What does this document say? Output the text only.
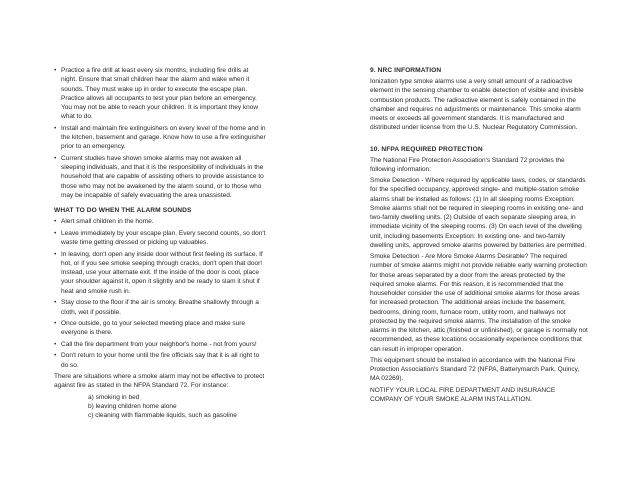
• Practice a fire drill at least every six months, including fire drills at night. Ensure that small children hear the alarm and wake when it sounds. They must wake up in order to execute the escape plan. Practice allows all occupants to test your plan before an emergency. You may not be able to reach your children. It is important they know what to do.
• Install and maintain fire extinguishers on every level of the home and in the kitchen, basement and garage. Know how to use a fire extinguisher prior to an emergency.
• Current studies have shown smoke alarms may not awaken all sleeping individuals, and that it is the responsibility of individuals in the household that are capable of assisting others to provide assistance to those who may not be awakened by the alarm sound, or to those who may be incapable of safely evacuating the area unassisted.
WHAT TO DO WHEN THE ALARM SOUNDS
• Alert small children in the home.
• Leave immediately by your escape plan. Every second counts, so don't waste time getting dressed or picking up valuables.
• In leaving, don't open any inside door without first feeling its surface. If hot, or if you see smoke seeping through cracks, don't open that door! Instead, use your alternate exit. If the inside of the door is cool, place your shoulder against it, open it slightly and be ready to slam it shut if heat and smoke rush in.
• Stay close to the floor if the air is smoky. Breathe shallowly through a cloth, wet if possible.
• Once outside, go to your selected meeting place and make sure everyone is there.
• Call the fire department from your neighbor's home - not from yours!
• Don't return to your home until the fire officials say that it is all right to do so.

There are situations where a smoke alarm may not be effective to protect against fire as stated in the NFPA Standard 72. For instance:

a) smoking in bed

b) leaving children home alone

c) cleaning with flammable liquids, such as gasoline

9. NRC INFORMATION

Ionization type smoke alarms use a very small amount of a radioactive element in the sensing chamber to enable detection of visible and invisible combustion products. The radioactive element is safely contained in the chamber and requires no adjustments or maintenance. This smoke alarm meets or exceeds all government standards. It is manufactured and distributed under license from the U.S. Nuclear Regulatory Commission.

10. NFPA REQUIRED PROTECTION

The National Fire Protection Association's Standard 72 provides the following information:

Smoke Detection - Where required by applicable laws, codes, or standards for the specified occupancy, approved single- and multiple-station smoke alarms shall be installed as follows: (1) In all sleeping rooms Exception: Smoke alarms shall not be required in sleeping rooms in existing one- and two-family dwelling units. (2) Outside of each separate sleeping area, in immediate vicinity of the sleeping rooms. (3) On each level of the dwelling unit, including basements Exception: In existing one- and two-family dwelling units, approved smoke alarms powered by batteries are permitted.

Smoke Detection - Are More Smoke Alarms Desirable? The required number of smoke alarms might not provide reliable early warning protection for those areas separated by a door from the areas protected by the required smoke alarms. For this reason, it is recommended that the householder consider the use of additional smoke alarms for those areas for increased protection. The additional areas include the basement, bedrooms, dining room, furnace room, utility room, and hallways not protected by the required smoke alarms. The installation of the smoke alarms in the kitchen, attic (finished or unfinished), or garage is normally not recommended, as these locations occasionally experience conditions that can result in improper operation.

This equipment should be installed in accordance with the National Fire Protection Association's Standard 72 (NFPA, Batterymarch Park, Quincy, MA 02269).

NOTIFY YOUR LOCAL FIRE DEPARTMENT AND INSURANCE COMPANY OF YOUR SMOKE ALARM INSTALLATION.
